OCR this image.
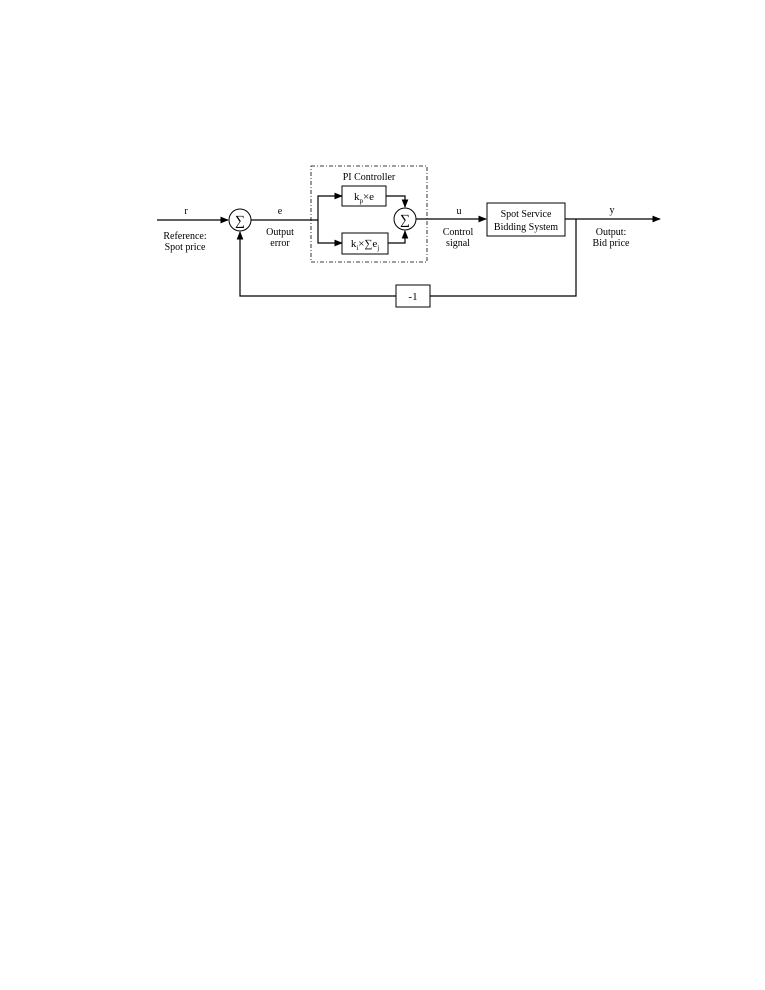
PI Controller
r
Reference:
Spot price
∑
e
Output
error
$k_p\times e$
$k_i\times\sum e_j$
∑
u
Control
signal
Spot Service
Bidding System
y
Output:
Bid price
-1
